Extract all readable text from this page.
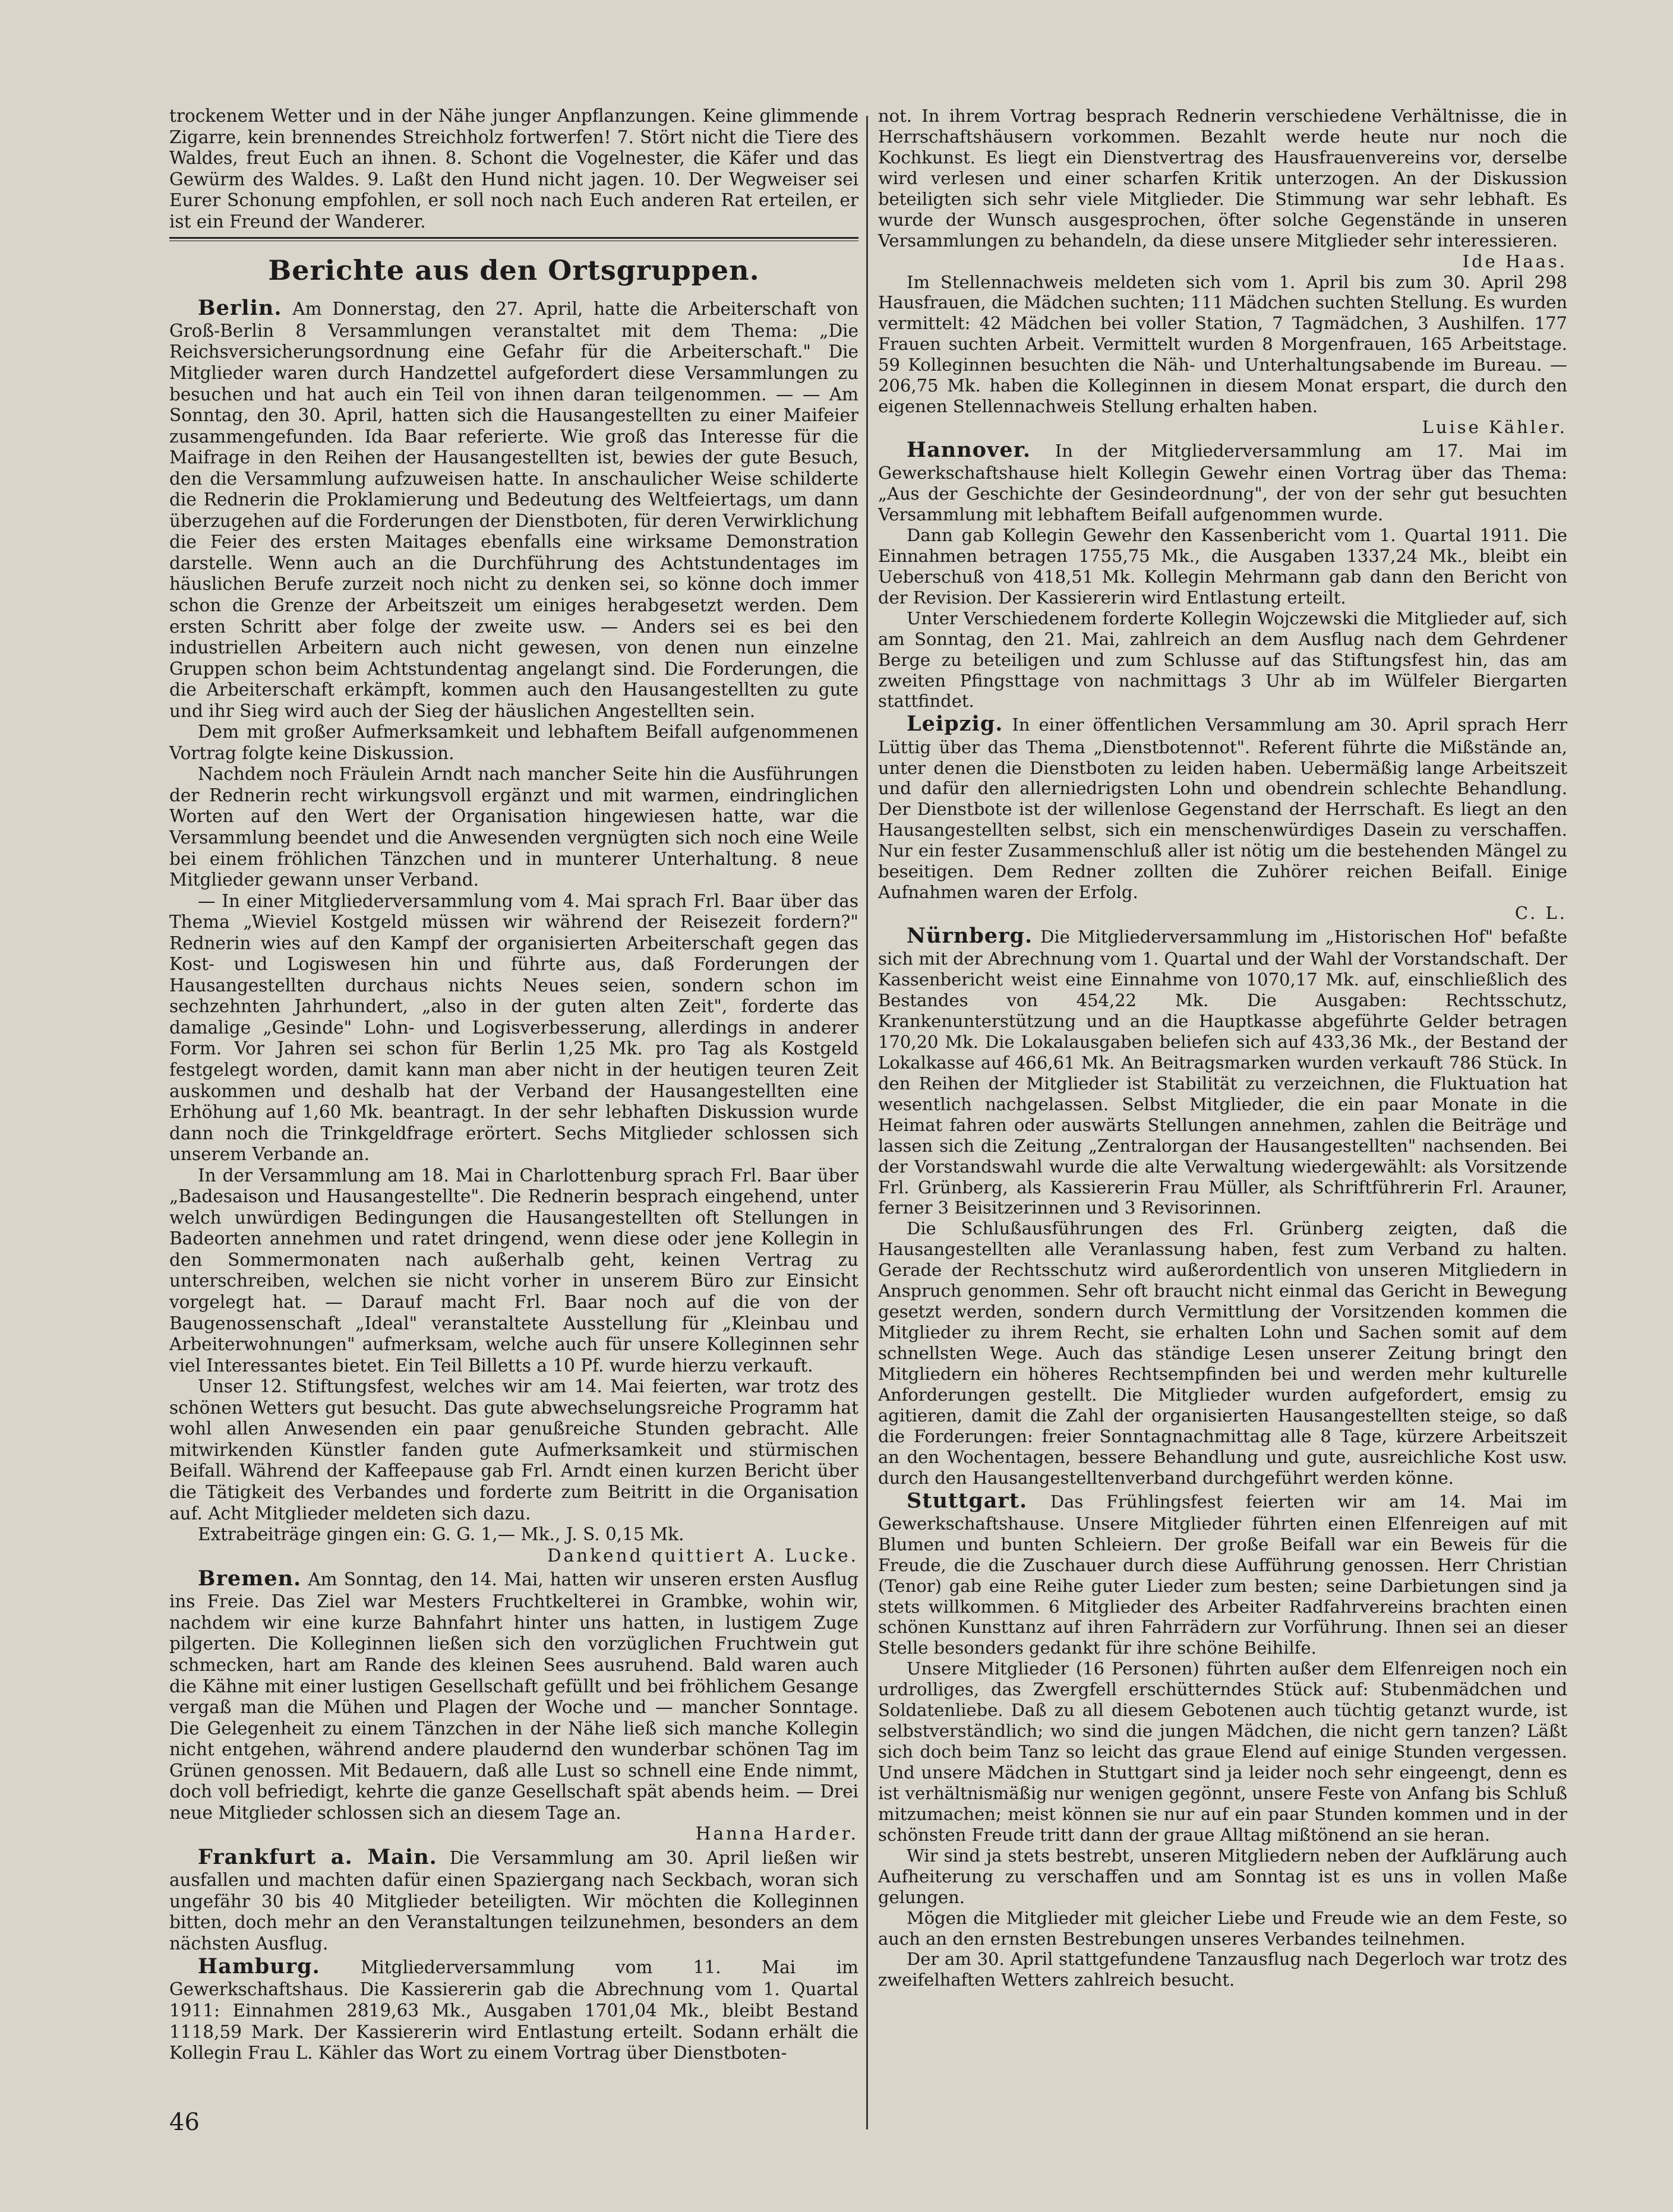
trockenem Wetter und in der Nähe junger Anpflanzungen. Keine glimmende Zigarre, kein brennendes Streichholz fortwerfen! 7. Stört nicht die Tiere des Waldes, freut Euch an ihnen. 8. Schont die Vogelnester, die Käfer und das Gewürm des Waldes. 9. Laßt den Hund nicht jagen. 10. Der Wegweiser sei Eurer Schonung empfohlen, er soll noch nach Euch anderen Rat erteilen, er ist ein Freund der Wanderer.

Berichte aus den Ortsgruppen.

Berlin. Am Donnerstag, den 27. April, hatte die Arbeiterschaft von Groß-Berlin 8 Versammlungen veranstaltet mit dem Thema: „Die Reichsversicherungsordnung eine Gefahr für die Arbeiterschaft." Die Mitglieder waren durch Handzettel aufgefordert diese Versammlungen zu besuchen und hat auch ein Teil von ihnen daran teilgenommen. — — Am Sonntag, den 30. April, hatten sich die Hausangestellten zu einer Maifeier zusammengefunden. Ida Baar referierte. Wie groß das Interesse für die Maifrage in den Reihen der Hausangestellten ist, bewies der gute Besuch, den die Versammlung aufzuweisen hatte. In anschaulicher Weise schilderte die Rednerin die Proklamierung und Bedeutung des Weltfeiertags, um dann überzugehen auf die Forderungen der Dienstboten, für deren Verwirklichung die Feier des ersten Maitages ebenfalls eine wirksame Demonstration darstelle. Wenn auch an die Durchführung des Achtstundentages im häuslichen Berufe zurzeit noch nicht zu denken sei, so könne doch immer schon die Grenze der Arbeitszeit um einiges herabgesetzt werden. Dem ersten Schritt aber folge der zweite usw. — Anders sei es bei den industriellen Arbeitern auch nicht gewesen, von denen nun einzelne Gruppen schon beim Achtstundentag angelangt sind. Die Forderungen, die die Arbeiterschaft erkämpft, kommen auch den Hausangestellten zu gute und ihr Sieg wird auch der Sieg der häuslichen Angestellten sein.

Dem mit großer Aufmerksamkeit und lebhaftem Beifall aufgenommenen Vortrag folgte keine Diskussion.

Nachdem noch Fräulein Arndt nach mancher Seite hin die Ausführungen der Rednerin recht wirkungsvoll ergänzt und mit warmen, eindringlichen Worten auf den Wert der Organisation hingewiesen hatte, war die Versammlung beendet und die Anwesenden vergnügten sich noch eine Weile bei einem fröhlichen Tänzchen und in munterer Unterhaltung. 8 neue Mitglieder gewann unser Verband.

— In einer Mitgliederversammlung vom 4. Mai sprach Frl. Baar über das Thema „Wieviel Kostgeld müssen wir während der Reisezeit fordern?" Rednerin wies auf den Kampf der organisierten Arbeiterschaft gegen das Kost- und Logiswesen hin und führte aus, daß Forderungen der Hausangestellten durchaus nichts Neues seien, sondern schon im sechzehnten Jahrhundert, „also in der guten alten Zeit", forderte das damalige „Gesinde" Lohn- und Logisverbesserung, allerdings in anderer Form. Vor Jahren sei schon für Berlin 1,25 Mk. pro Tag als Kostgeld festgelegt worden, damit kann man aber nicht in der heutigen teuren Zeit auskommen und deshalb hat der Verband der Hausangestellten eine Erhöhung auf 1,60 Mk. beantragt. In der sehr lebhaften Diskussion wurde dann noch die Trinkgeldfrage erörtert. Sechs Mitglieder schlossen sich unserem Verbande an.

In der Versammlung am 18. Mai in Charlottenburg sprach Frl. Baar über „Badesaison und Hausangestellte". Die Rednerin besprach eingehend, unter welch unwürdigen Bedingungen die Hausangestellten oft Stellungen in Badeorten annehmen und ratet dringend, wenn diese oder jene Kollegin in den Sommermonaten nach außerhalb geht, keinen Vertrag zu unterschreiben, welchen sie nicht vorher in unserem Büro zur Einsicht vorgelegt hat. — Darauf macht Frl. Baar noch auf die von der Baugenossenschaft „Ideal" veranstaltete Ausstellung für „Kleinbau und Arbeiterwohnungen" aufmerksam, welche auch für unsere Kolleginnen sehr viel Interessantes bietet. Ein Teil Billetts a 10 Pf. wurde hierzu verkauft.

Unser 12. Stiftungsfest, welches wir am 14. Mai feierten, war trotz des schönen Wetters gut besucht. Das gute abwechselungsreiche Programm hat wohl allen Anwesenden ein paar genußreiche Stunden gebracht. Alle mitwirkenden Künstler fanden gute Aufmerksamkeit und stürmischen Beifall. Während der Kaffeepause gab Frl. Arndt einen kurzen Bericht über die Tätigkeit des Verbandes und forderte zum Beitritt in die Organisation auf. Acht Mitglieder meldeten sich dazu.

Extrabeiträge gingen ein: G. G. 1,— Mk., J. S. 0,15 Mk.

Dankend quittiert A. Lucke.

Bremen. Am Sonntag, den 14. Mai, hatten wir unseren ersten Ausflug ins Freie. Das Ziel war Mesters Fruchtkelterei in Grambke, wohin wir, nachdem wir eine kurze Bahnfahrt hinter uns hatten, in lustigem Zuge pilgerten. Die Kolleginnen ließen sich den vorzüglichen Fruchtwein gut schmecken, hart am Rande des kleinen Sees ausruhend. Bald waren auch die Kähne mit einer lustigen Gesellschaft gefüllt und bei fröhlichem Gesange vergaß man die Mühen und Plagen der Woche und — mancher Sonntage. Die Gelegenheit zu einem Tänzchen in der Nähe ließ sich manche Kollegin nicht entgehen, während andere plaudernd den wunderbar schönen Tag im Grünen genossen. Mit Bedauern, daß alle Lust so schnell eine Ende nimmt, doch voll befriedigt, kehrte die ganze Gesellschaft spät abends heim. — Drei neue Mitglieder schlossen sich an diesem Tage an.

Hanna Harder.

Frankfurt a. Main. Die Versammlung am 30. April ließen wir ausfallen und machten dafür einen Spaziergang nach Seckbach, woran sich ungefähr 30 bis 40 Mitglieder beteiligten. Wir möchten die Kolleginnen bitten, doch mehr an den Veranstaltungen teilzunehmen, besonders an dem nächsten Ausflug.

Hamburg. Mitgliederversammlung vom 11. Mai im Gewerkschaftshaus. Die Kassiererin gab die Abrechnung vom 1. Quartal 1911: Einnahmen 2819,63 Mk., Ausgaben 1701,04 Mk., bleibt Bestand 1118,59 Mark. Der Kassiererin wird Entlastung erteilt. Sodann erhält die Kollegin Frau L. Kähler das Wort zu einem Vortrag über Dienstboten-

not. In ihrem Vortrag besprach Rednerin verschiedene Verhältnisse, die in Herrschaftshäusern vorkommen. Bezahlt werde heute nur noch die Kochkunst. Es liegt ein Dienstvertrag des Hausfrauenvereins vor, derselbe wird verlesen und einer scharfen Kritik unterzogen. An der Diskussion beteiligten sich sehr viele Mitglieder. Die Stimmung war sehr lebhaft. Es wurde der Wunsch ausgesprochen, öfter solche Gegenstände in unseren Versammlungen zu behandeln, da diese unsere Mitglieder sehr interessieren.

Ide Haas.

Im Stellennachweis meldeten sich vom 1. April bis zum 30. April 298 Hausfrauen, die Mädchen suchten; 111 Mädchen suchten Stellung. Es wurden vermittelt: 42 Mädchen bei voller Station, 7 Tagmädchen, 3 Aushilfen. 177 Frauen suchten Arbeit. Vermittelt wurden 8 Morgenfrauen, 165 Arbeitstage. 59 Kolleginnen besuchten die Näh- und Unterhaltungsabende im Bureau. — 206,75 Mk. haben die Kolleginnen in diesem Monat erspart, die durch den eigenen Stellennachweis Stellung erhalten haben.

Luise Kähler.

Hannover. In der Mitgliederversammlung am 17. Mai im Gewerkschaftshause hielt Kollegin Gewehr einen Vortrag über das Thema: „Aus der Geschichte der Gesindeordnung", der von der sehr gut besuchten Versammlung mit lebhaftem Beifall aufgenommen wurde.

Dann gab Kollegin Gewehr den Kassenbericht vom 1. Quartal 1911. Die Einnahmen betragen 1755,75 Mk., die Ausgaben 1337,24 Mk., bleibt ein Ueberschuß von 418,51 Mk. Kollegin Mehrmann gab dann den Bericht von der Revision. Der Kassiererin wird Entlastung erteilt.

Unter Verschiedenem forderte Kollegin Wojczewski die Mitglieder auf, sich am Sonntag, den 21. Mai, zahlreich an dem Ausflug nach dem Gehrdener Berge zu beteiligen und zum Schlusse auf das Stiftungsfest hin, das am zweiten Pfingsttage von nachmittags 3 Uhr ab im Wülfeler Biergarten stattfindet.

Leipzig. In einer öffentlichen Versammlung am 30. April sprach Herr Lüttig über das Thema „Dienstbotennot". Referent führte die Mißstände an, unter denen die Dienstboten zu leiden haben. Uebermäßig lange Arbeitszeit und dafür den allerniedrigsten Lohn und obendrein schlechte Behandlung. Der Dienstbote ist der willenlose Gegenstand der Herrschaft. Es liegt an den Hausangestellten selbst, sich ein menschenwürdiges Dasein zu verschaffen. Nur ein fester Zusammenschluß aller ist nötig um die bestehenden Mängel zu beseitigen. Dem Redner zollten die Zuhörer reichen Beifall. Einige Aufnahmen waren der Erfolg.

C. L.

Nürnberg. Die Mitgliederversammlung im „Historischen Hof" befaßte sich mit der Abrechnung vom 1. Quartal und der Wahl der Vorstandschaft. Der Kassenbericht weist eine Einnahme von 1070,17 Mk. auf, einschließlich des Bestandes von 454,22 Mk. Die Ausgaben: Rechtsschutz, Krankenunterstützung und an die Hauptkasse abgeführte Gelder betragen 170,20 Mk. Die Lokalausgaben beliefen sich auf 433,36 Mk., der Bestand der Lokalkasse auf 466,61 Mk. An Beitragsmarken wurden verkauft 786 Stück. In den Reihen der Mitglieder ist Stabilität zu verzeichnen, die Fluktuation hat wesentlich nachgelassen. Selbst Mitglieder, die ein paar Monate in die Heimat fahren oder auswärts Stellungen annehmen, zahlen die Beiträge und lassen sich die Zeitung „Zentralorgan der Hausangestellten" nachsenden. Bei der Vorstandswahl wurde die alte Verwaltung wiedergewählt: als Vorsitzende Frl. Grünberg, als Kassiererin Frau Müller, als Schriftführerin Frl. Arauner, ferner 3 Beisitzerinnen und 3 Revisorinnen.

Die Schlußausführungen des Frl. Grünberg zeigten, daß die Hausangestellten alle Veranlassung haben, fest zum Verband zu halten. Gerade der Rechtsschutz wird außerordentlich von unseren Mitgliedern in Anspruch genommen. Sehr oft braucht nicht einmal das Gericht in Bewegung gesetzt werden, sondern durch Vermittlung der Vorsitzenden kommen die Mitglieder zu ihrem Recht, sie erhalten Lohn und Sachen somit auf dem schnellsten Wege. Auch das ständige Lesen unserer Zeitung bringt den Mitgliedern ein höheres Rechtsempfinden bei und werden mehr kulturelle Anforderungen gestellt. Die Mitglieder wurden aufgefordert, emsig zu agitieren, damit die Zahl der organisierten Hausangestellten steige, so daß die Forderungen: freier Sonntagnachmittag alle 8 Tage, kürzere Arbeitszeit an den Wochentagen, bessere Behandlung und gute, ausreichliche Kost usw. durch den Hausangestelltenverband durchgeführt werden könne.

Stuttgart. Das Frühlingsfest feierten wir am 14. Mai im Gewerkschaftshause. Unsere Mitglieder führten einen Elfenreigen auf mit Blumen und bunten Schleiern. Der große Beifall war ein Beweis für die Freude, die die Zuschauer durch diese Aufführung genossen. Herr Christian (Tenor) gab eine Reihe guter Lieder zum besten; seine Darbietungen sind ja stets willkommen. 6 Mitglieder des Arbeiter Radfahrvereins brachten einen schönen Kunsttanz auf ihren Fahrrädern zur Vorführung. Ihnen sei an dieser Stelle besonders gedankt für ihre schöne Beihilfe.

Unsere Mitglieder (16 Personen) führten außer dem Elfenreigen noch ein urdrolliges, das Zwergfell erschütterndes Stück auf: Stubenmädchen und Soldatenliebe. Daß zu all diesem Gebotenen auch tüchtig getanzt wurde, ist selbstverständlich; wo sind die jungen Mädchen, die nicht gern tanzen? Läßt sich doch beim Tanz so leicht das graue Elend auf einige Stunden vergessen. Und unsere Mädchen in Stuttgart sind ja leider noch sehr eingeengt, denn es ist verhältnismäßig nur wenigen gegönnt, unsere Feste von Anfang bis Schluß mitzumachen; meist können sie nur auf ein paar Stunden kommen und in der schönsten Freude tritt dann der graue Alltag mißtönend an sie heran.

Wir sind ja stets bestrebt, unseren Mitgliedern neben der Aufklärung auch Aufheiterung zu verschaffen und am Sonntag ist es uns in vollen Maße gelungen.

Mögen die Mitglieder mit gleicher Liebe und Freude wie an dem Feste, so auch an den ernsten Bestrebungen unseres Verbandes teilnehmen.

Der am 30. April stattgefundene Tanzausflug nach Degerloch war trotz des zweifelhaften Wetters zahlreich besucht.

46
